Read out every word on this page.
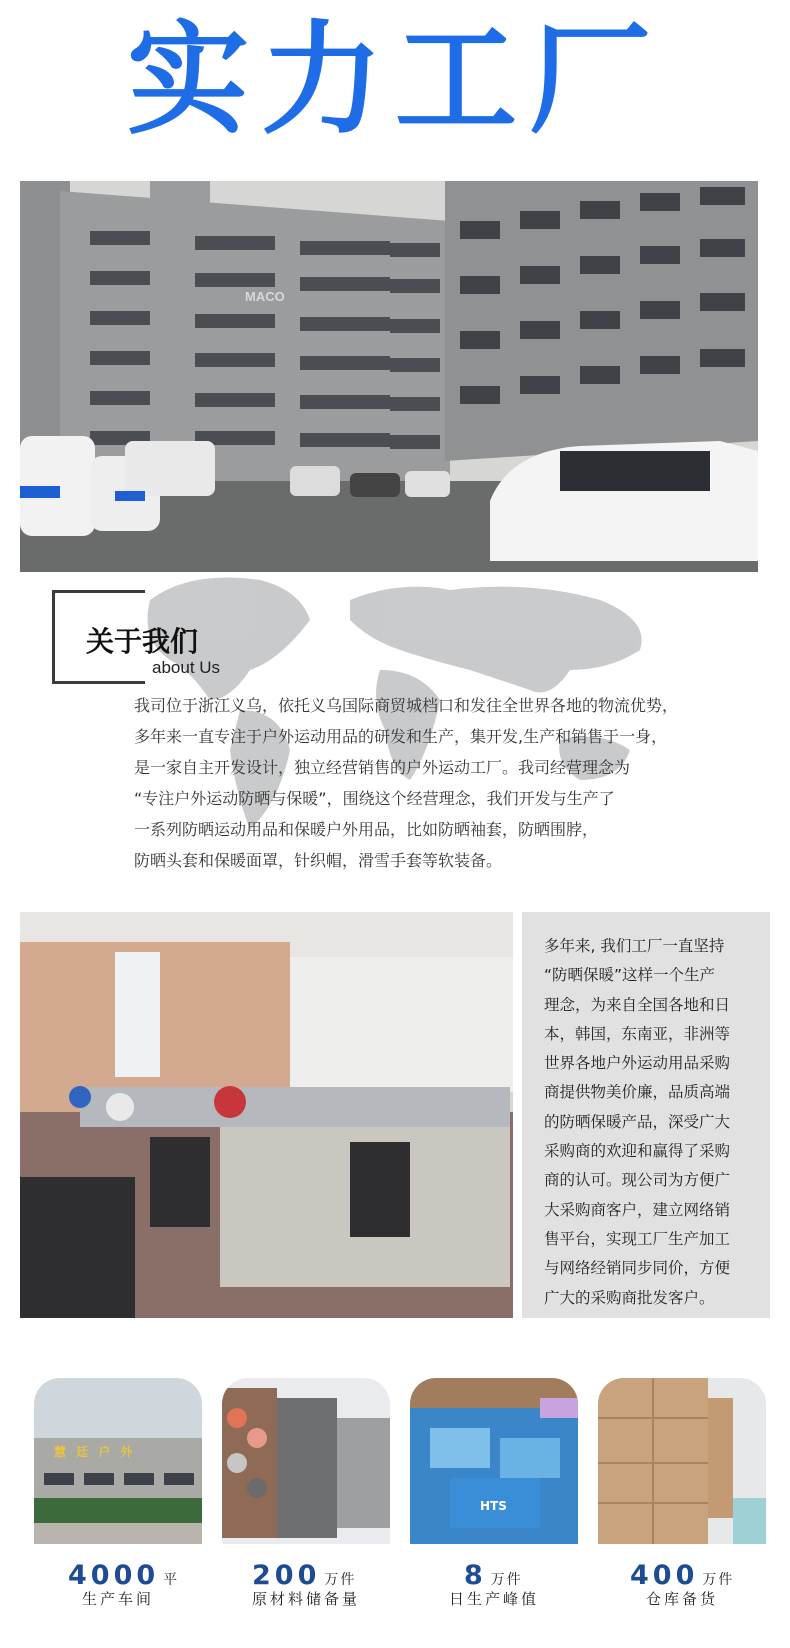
实力工厂
MACO
关于我们
about Us
我司位于浙江义乌，依托义乌国际商贸城档口和发往全世界各地的物流优势，
多年来一直专注于户外运动用品的研发和生产，集开发,生产和销售于一身，
是一家自主开发设计，独立经营销售的户外运动工厂。我司经营理念为
“专注户外运动防晒与保暖”，围绕这个经营理念，我们开发与生产了
一系列防晒运动用品和保暖户外用品，比如防晒袖套，防晒围脖，
防晒头套和保暖面罩，针织帽，滑雪手套等软装备。
多年来, 我们工厂一直坚持
“防晒保暖”这样一个生产
理念，为来自全国各地和日
本，韩国，东南亚，非洲等
世界各地户外运动用品采购
商提供物美价廉，品质高端
的防晒保暖产品，深受广大
采购商的欢迎和赢得了采购
商的认可。现公司为方便广
大采购商客户，建立网络销
售平台，实现工厂生产加工
与网络经销同步同价，方便
广大的采购商批发客户。
慧 廷 户 外
HTS
4000 平
生产车间
200 万件
原材料储备量
8 万件
日生产峰值
400 万件
仓库备货
